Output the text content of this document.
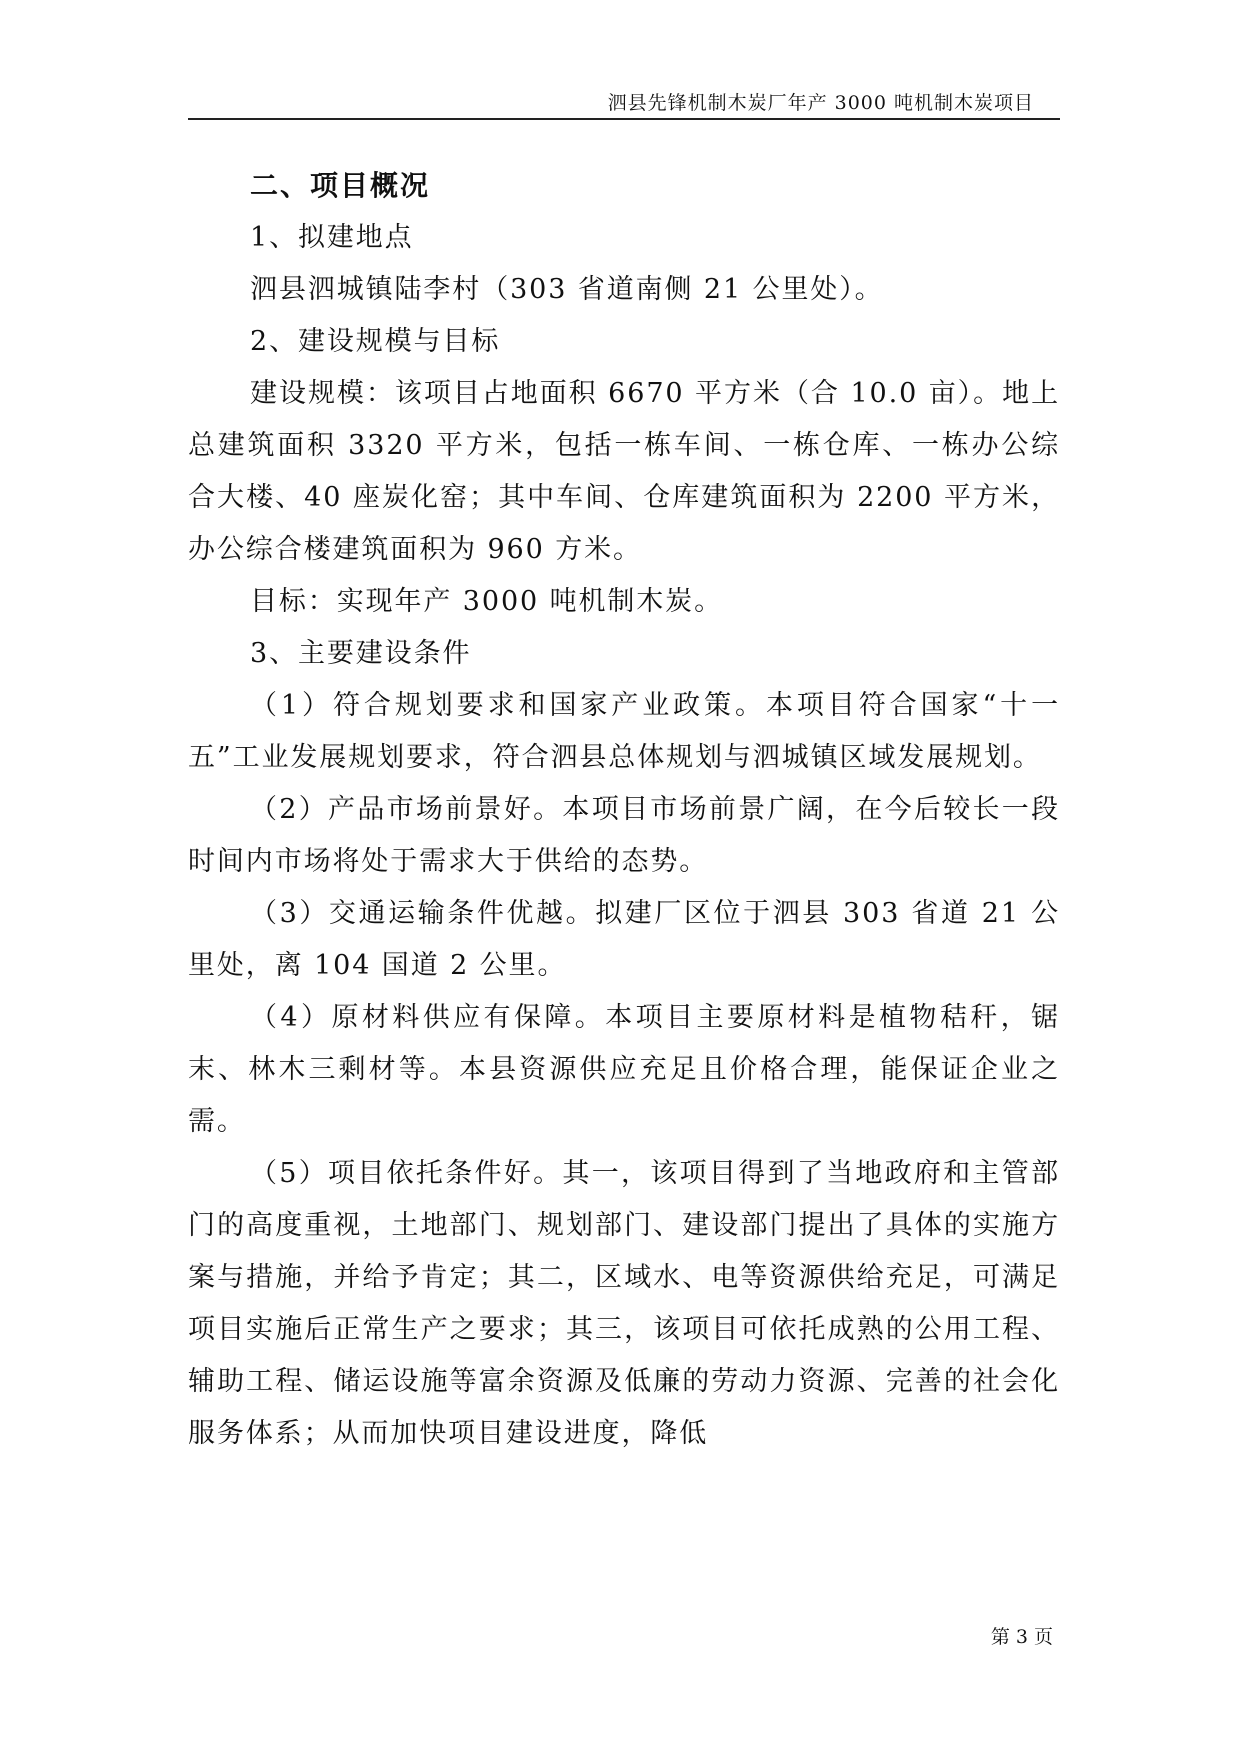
泗县先锋机制木炭厂年产 3000 吨机制木炭项目
二、项目概况

1、拟建地点

泗县泗城镇陆李村（303 省道南侧 21 公里处）。

2、建设规模与目标

建设规模：该项目占地面积 6670 平方米（合 10.0 亩）。地上总建筑面积 3320 平方米，包括一栋车间、一栋仓库、一栋办公综合大楼、40 座炭化窑；其中车间、仓库建筑面积为 2200 平方米，办公综合楼建筑面积为 960 方米。

目标：实现年产 3000 吨机制木炭。

3、主要建设条件

（1）符合规划要求和国家产业政策。本项目符合国家“十一五”工业发展规划要求，符合泗县总体规划与泗城镇区域发展规划。

（2）产品市场前景好。本项目市场前景广阔，在今后较长一段时间内市场将处于需求大于供给的态势。

（3）交通运输条件优越。拟建厂区位于泗县 303 省道 21 公里处，离 104 国道 2 公里。

（4）原材料供应有保障。本项目主要原材料是植物秸秆，锯末、林木三剩材等。本县资源供应充足且价格合理，能保证企业之需。

（5）项目依托条件好。其一，该项目得到了当地政府和主管部门的高度重视，土地部门、规划部门、建设部门提出了具体的实施方案与措施，并给予肯定；其二，区域水、电等资源供给充足，可满足项目实施后正常生产之要求；其三，该项目可依托成熟的公用工程、辅助工程、储运设施等富余资源及低廉的劳动力资源、完善的社会化服务体系；从而加快项目建设进度，降低

第 3 页
